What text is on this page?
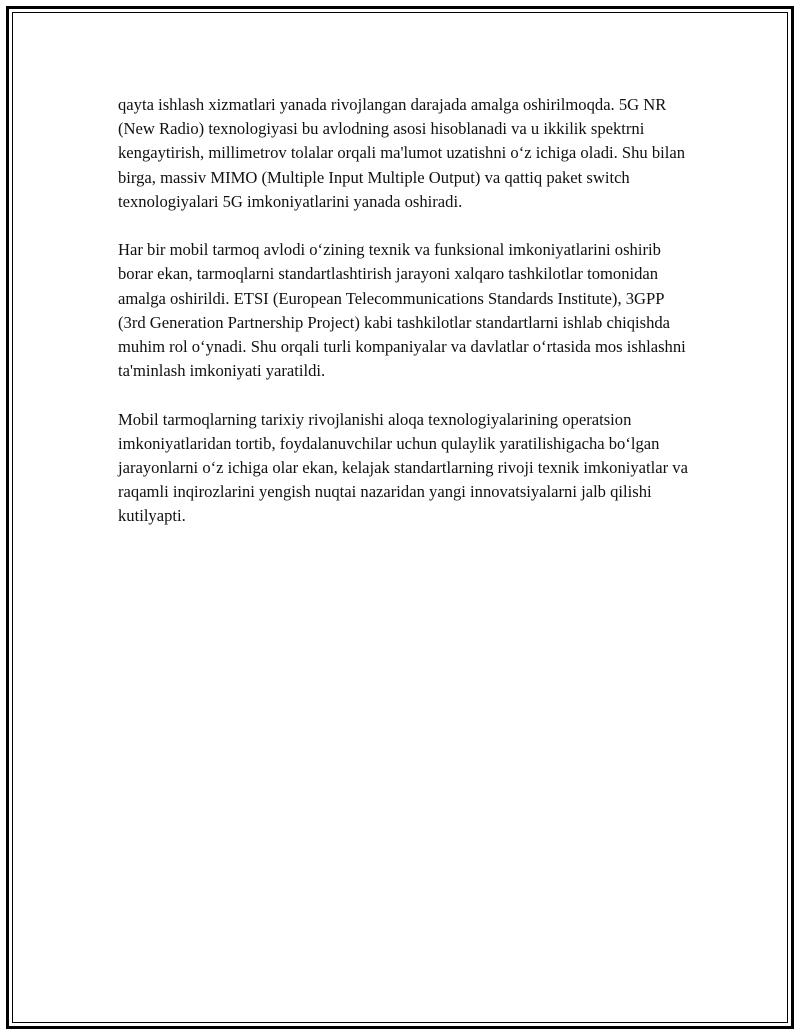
qayta ishlash xizmatlari yanada rivojlangan darajada amalga oshirilmoqda. 5G NR (New Radio) texnologiyasi bu avlodning asosi hisoblanadi va u ikkilik spektrni kengaytirish, millimetrov tolalar orqali ma'lumot uzatishni o‘z ichiga oladi. Shu bilan birga, massiv MIMO (Multiple Input Multiple Output) va qattiq paket switch texnologiyalari 5G imkoniyatlarini yanada oshiradi.

Har bir mobil tarmoq avlodi o‘zining texnik va funksional imkoniyatlarini oshirib borar ekan, tarmoqlarni standartlashtirish jarayoni xalqaro tashkilotlar tomonidan amalga oshirildi. ETSI (European Telecommunications Standards Institute), 3GPP (3rd Generation Partnership Project) kabi tashkilotlar standartlarni ishlab chiqishda muhim rol o‘ynadi. Shu orqali turli kompaniyalar va davlatlar o‘rtasida mos ishlashni ta'minlash imkoniyati yaratildi.

Mobil tarmoqlarning tarixiy rivojlanishi aloqa texnologiyalarining operatsion imkoniyatlaridan tortib, foydalanuvchilar uchun qulaylik yaratilishigacha bo‘lgan jarayonlarni o‘z ichiga olar ekan, kelajak standartlarning rivoji texnik imkoniyatlar va raqamli inqirozlarini yengish nuqtai nazaridan yangi innovatsiyalarni jalb qilishi kutilyapti.
